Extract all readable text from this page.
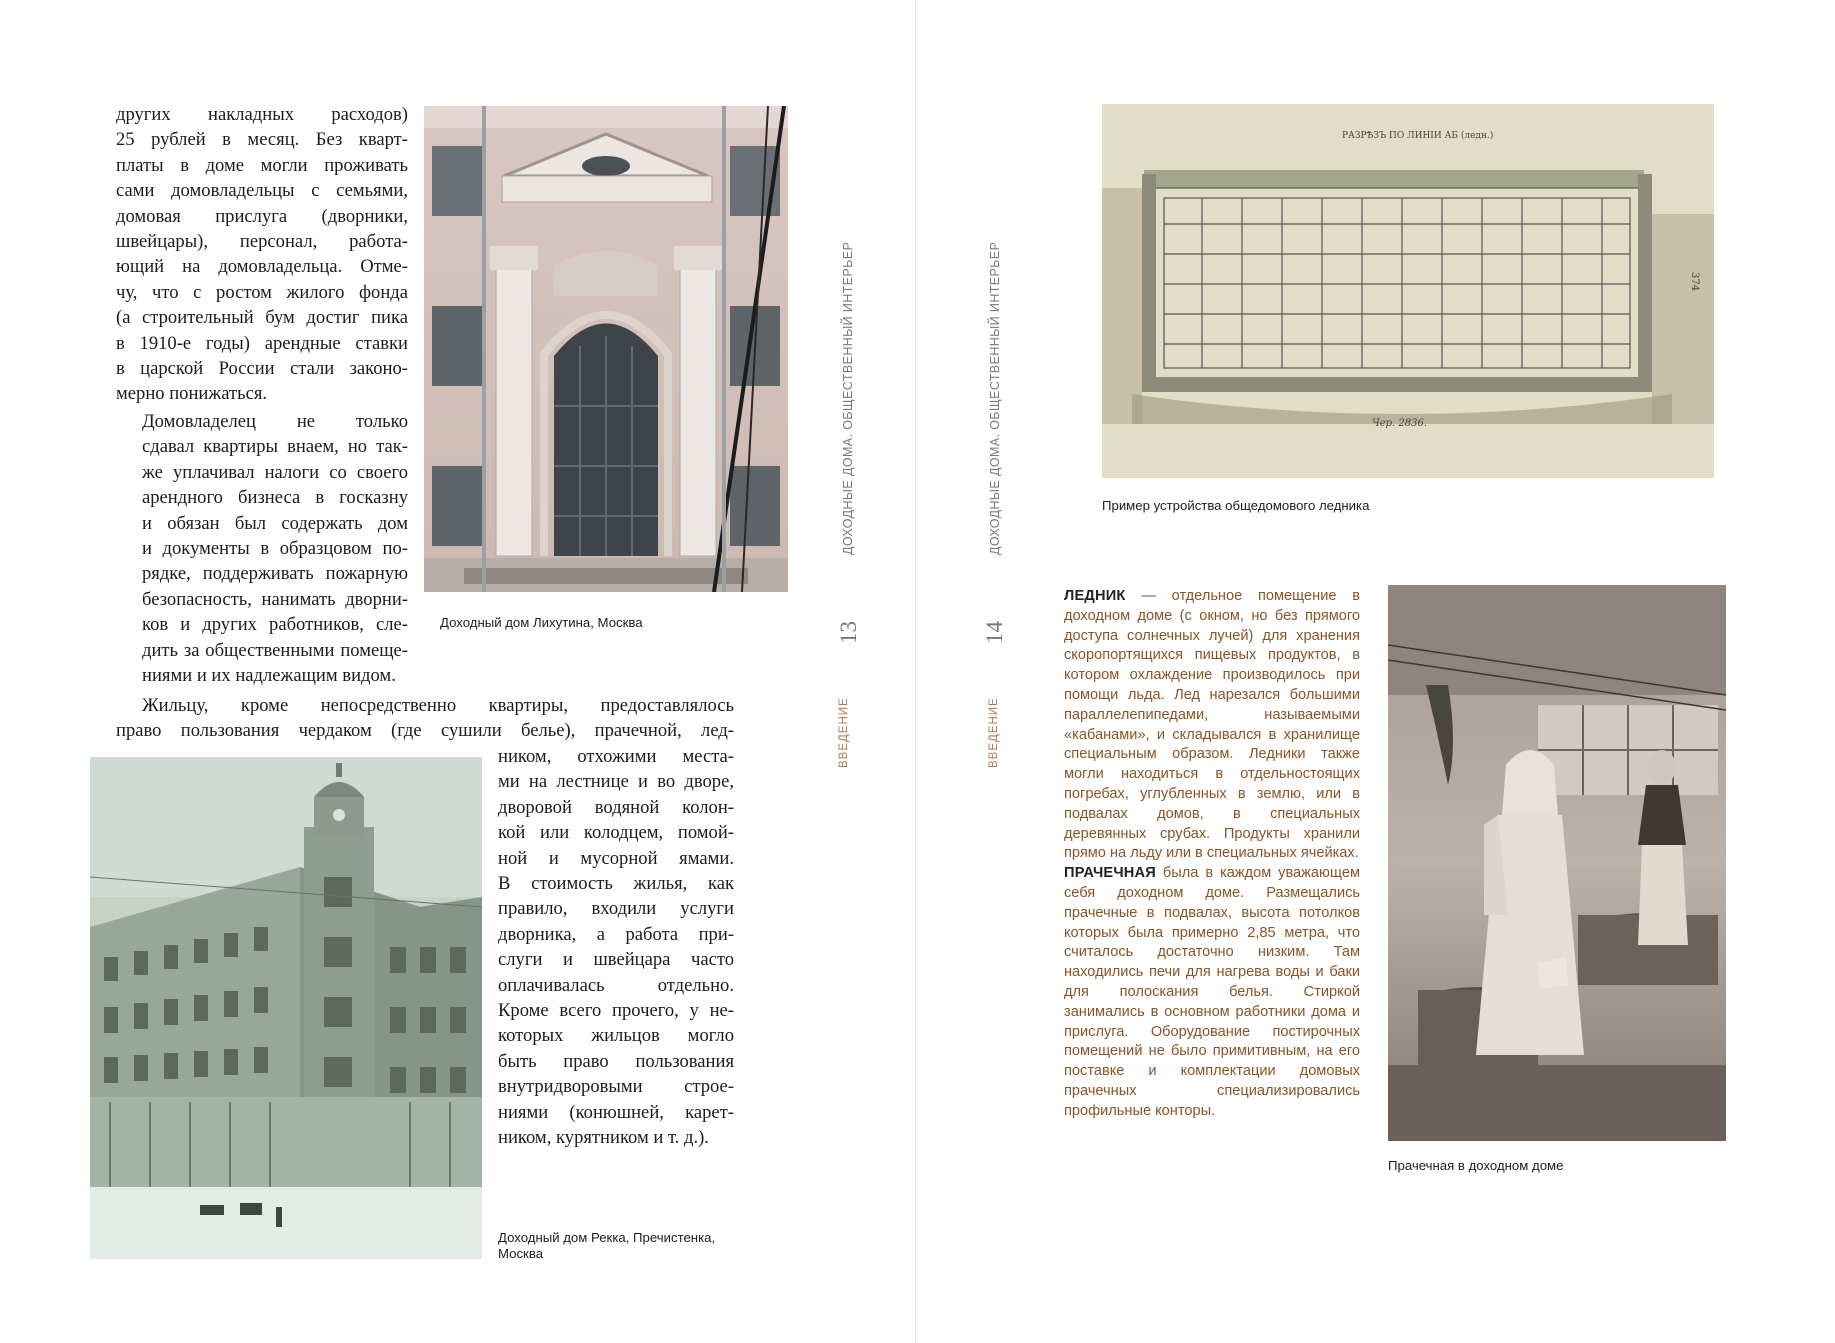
других накладных расходов)
25 рублей в месяц. Без кварт-
платы в доме могли проживать
сами домовладельцы с семьями,
домовая прислуга (дворники,
швейцары), персонал, работа-
ющий на домовладельца. Отме-
чу, что с ростом жилого фонда
(а строительный бум достиг пика
в 1910-е годы) арендные ставки
в царской России стали законо-
мерно понижаться.

Домовладелец не только
сдавал квартиры внаем, но так-
же уплачивал налоги со своего
арендного бизнеса в госказну
и обязан был содержать дом
и документы в образцовом по-
рядке, поддерживать пожарную
безопасность, нанимать дворни-
ков и других работников, сле-
дить за общественными помеще-
ниями и их надлежащим видом.

Жильцу, кроме непосредственно квартиры, предоставлялось

право пользования чердаком (где сушили белье), прачечной, лед-

ником, отхожими места-
ми на лестнице и во дворе,
дворовой водяной колон-
кой или колодцем, помой-
ной и мусорной ямами.
В стоимость жилья, как
правило, входили услуги
дворника, а работа при-
слуги и швейцара часто
оплачивалась отдельно.
Кроме всего прочего, у не-
которых жильцов могло
быть право пользования
внутридворовыми строе-
ниями (конюшней, карет-
ником, курятником и т. д.).
Доходный дом Лихутина, Москва
Доходный дом Рекка, Пречистенка,
Москва
ДОХОДНЫЕ ДОМА. ОБЩЕСТВЕННЫЙ ИНТЕРЬЕР
13
ВВЕДЕНИЕ
ДОХОДНЫЕ ДОМА. ОБЩЕСТВЕННЫЙ ИНТЕРЬЕР
14
ВВЕДЕНИЕ
РАЗРѢЗЪ ПО ЛИНІИ АБ (ледн.)
Чер. 2836.
374
Пример устройства общедомового ледника

ЛЕДНИК — отдельное помещение в доходном доме (с окном, но без прямого доступа солнечных лучей) для хранения скоропортящихся пищевых продуктов, в котором охлаждение производилось при помощи льда. Лед нарезался большими параллелепипедами, называемыми «кабанами», и складывался в хранилище специальным образом. Ледники также могли находиться в отдельностоящих погребах, углубленных в землю, или в подвалах домов, в специальных деревянных срубах. Продукты хранили прямо на льду или в специальных ячейках.

ПРАЧЕЧНАЯ была в каждом уважающем себя доходном доме. Размещались прачечные в подвалах, высота потолков которых была примерно 2,85 метра, что считалось достаточно низким. Там находились печи для нагрева воды и баки для полоскания белья. Стиркой занимались в основном работники дома и прислуга. Оборудование постирочных помещений не было примитивным, на его поставке и комплектации домовых прачечных специализировались профильные конторы.

Прачечная в доходном доме
